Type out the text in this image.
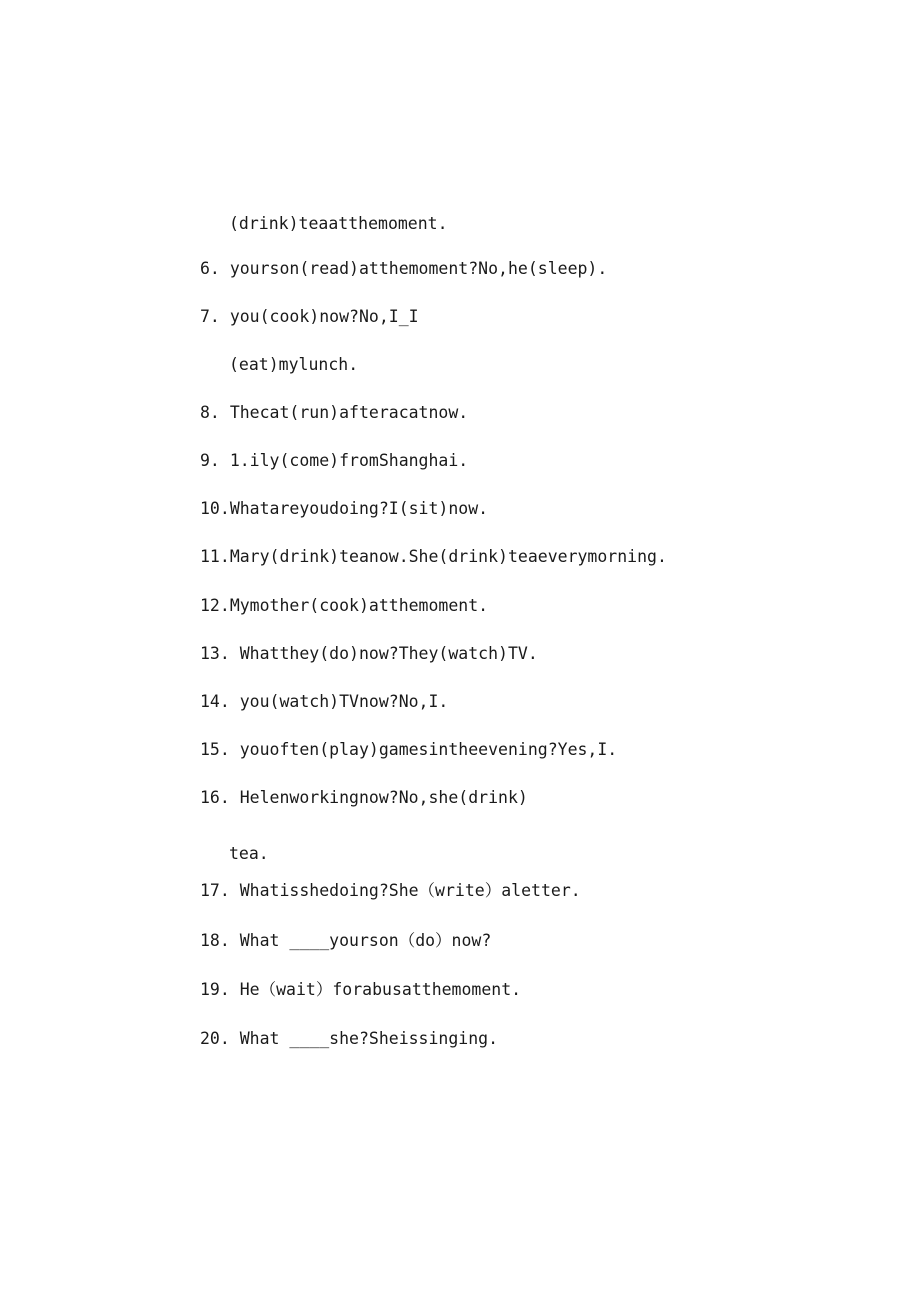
(drink)teaatthemoment.
6. yourson(read)atthemoment?No,he(sleep).
7. you(cook)now?No,I_I
(eat)mylunch.
8. Thecat(run)afteracatnow.
9. 1.ily(come)fromShanghai.
10.Whatareyoudoing?I(sit)now.
11.Mary(drink)teanow.She(drink)teaeverymorning.
12.Mymother(cook)atthemoment.
13. Whatthey(do)now?They(watch)TV.
14. you(watch)TVnow?No,I.
15. youoften(play)gamesintheevening?Yes,I.
16. Helenworkingnow?No,she(drink)
tea.
17. Whatisshedoing?She（write）aletter.
18. What ____yourson（do）now?
19. He（wait）forabusatthemoment.
20. What ____she?Sheissinging.
